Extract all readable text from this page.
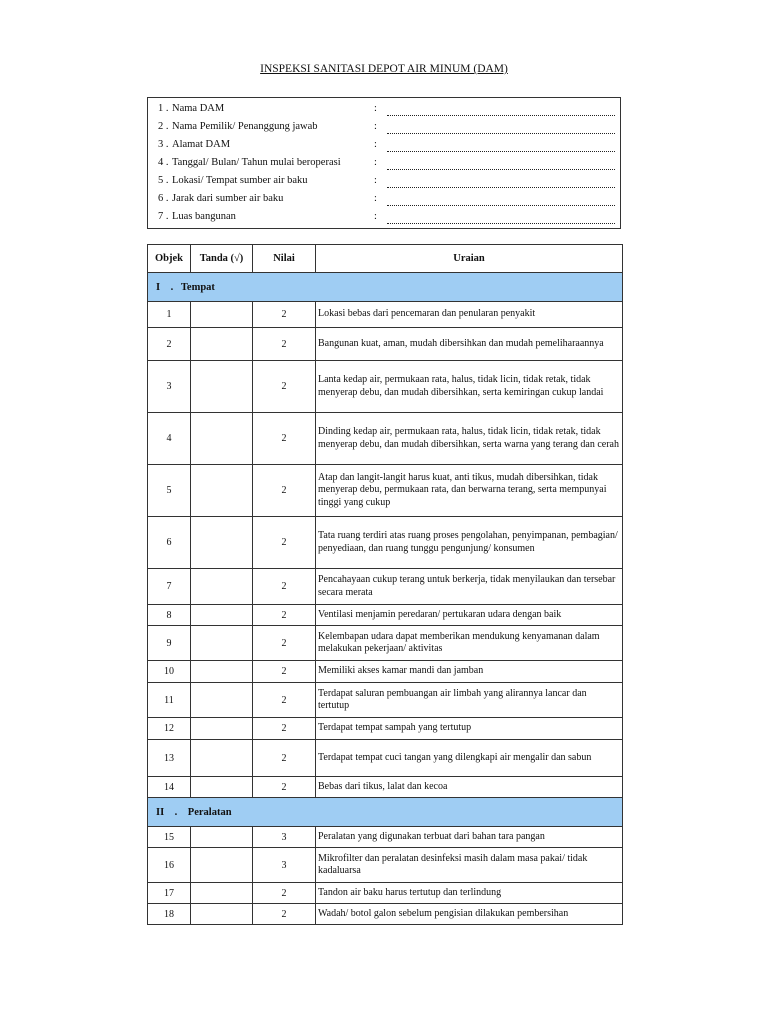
INSPEKSI SANITASI DEPOT AIR MINUM (DAM)
1 . Nama DAM	:
2 . Nama Pemilik/ Penanggung jawab	:
3 . Alamat DAM	:
4 . Tanggal/ Bulan/ Tahun mulai beroperasi	:
5 . Lokasi/ Tempat sumber air baku	:
6 . Jarak dari sumber air baku	:
7 . Luas bangunan	:
Objek	Tanda (√)	Nilai	Uraian
I    .   Tempat			
1		2	Lokasi bebas dari pencemaran dan penularan penyakit
2		2	Bangunan kuat, aman, mudah dibersihkan dan mudah pemeliharaannya
3		2	Lanta kedap air, permukaan rata, halus, tidak licin, tidak retak, tidak menyerap debu, dan mudah dibersihkan, serta kemiringan cukup landai
4		2	Dinding kedap air, permukaan rata, halus, tidak licin, tidak retak, tidak menyerap debu, dan mudah dibersihkan, serta warna yang terang dan cerah
5		2	Atap dan langit-langit harus kuat, anti tikus, mudah dibersihkan, tidak menyerap debu, permukaan rata, dan berwarna terang, serta mempunyai tinggi yang cukup
6		2	Tata ruang terdiri atas ruang proses pengolahan, penyimpanan, pembagian/ penyediaan, dan ruang tunggu pengunjung/ konsumen
7		2	Pencahayaan cukup terang untuk berkerja, tidak menyilaukan dan tersebar secara merata
8		2	Ventilasi menjamin peredaran/ pertukaran udara dengan baik
9		2	Kelembapan udara dapat memberikan mendukung kenyamanan dalam melakukan pekerjaan/ aktivitas
10		2	Memiliki akses kamar mandi dan jamban
11		2	Terdapat saluran pembuangan air limbah yang alirannya lancar dan tertutup
12		2	Terdapat tempat sampah yang tertutup
13		2	Terdapat tempat cuci tangan yang dilengkapi air mengalir dan sabun
14		2	Bebas dari tikus, lalat dan kecoa
II    .    Peralatan			
15		3	Peralatan yang digunakan terbuat dari bahan tara pangan
16		3	Mikrofilter dan peralatan desinfeksi masih dalam masa pakai/ tidak kadaluarsa
17		2	Tandon air baku harus tertutup dan terlindung
18		2	Wadah/ botol galon sebelum pengisian dilakukan pembersihan
